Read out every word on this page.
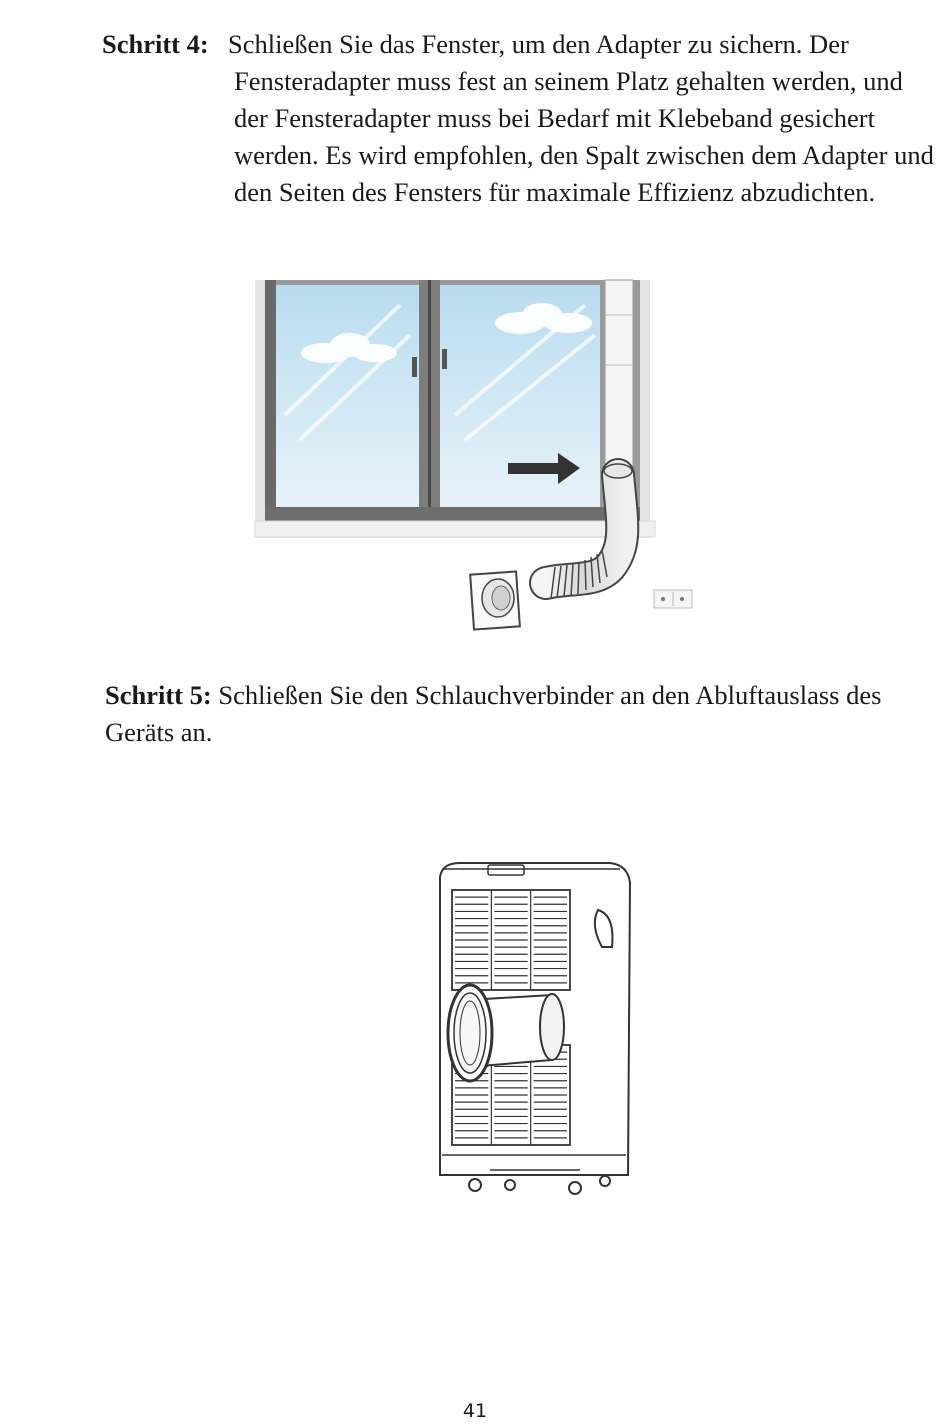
Schritt 4: Schließen Sie das Fenster, um den Adapter zu sichern. Der
Fensteradapter muss fest an seinem Platz gehalten werden, und der Fensteradapter muss bei Bedarf mit Klebeband gesichert werden. Es wird empfohlen, den Spalt zwischen dem Adapter und den Seiten des Fensters für maximale Effizienz abzudichten.
Schritt 5: Schließen Sie den Schlauchverbinder an den Abluftauslass des Geräts an.
41
